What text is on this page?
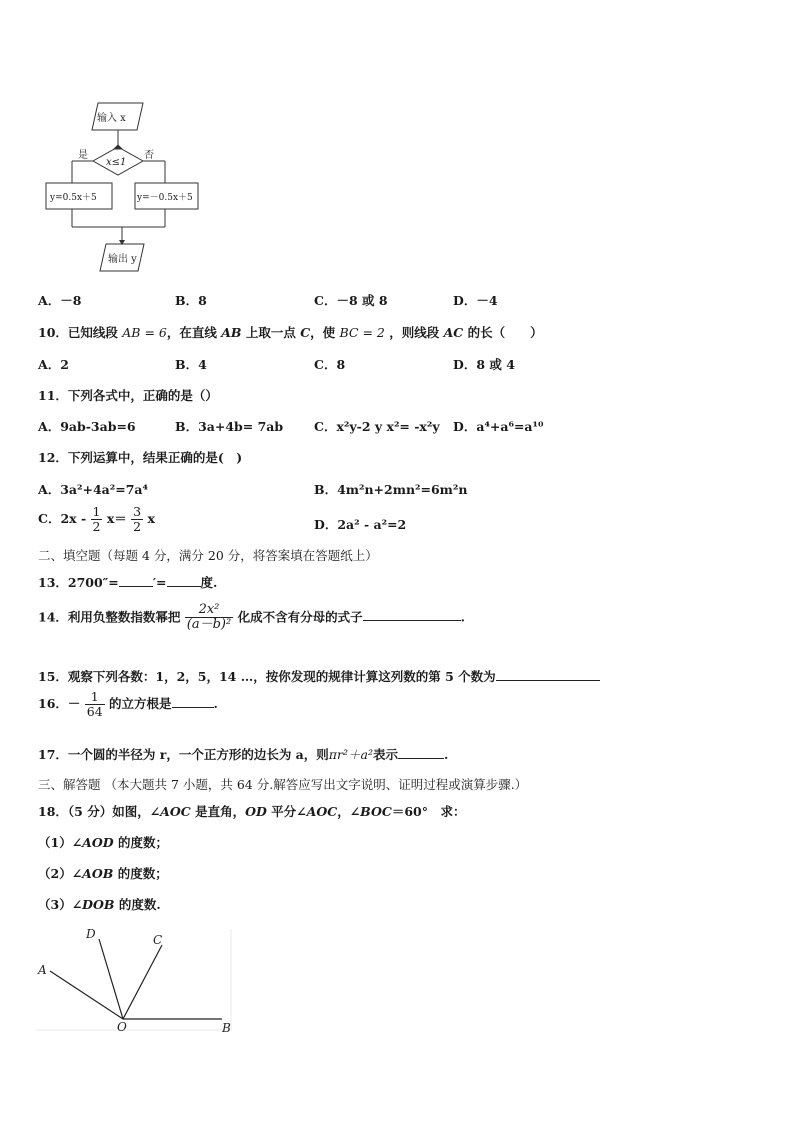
输入 x
是	否
x≤1
y=0.5x＋5	y=－0.5x＋5
输出 y
A．－8	B．8	C．－8 或 8	D．－4
10．已知线段 AB = 6，在直线 AB 上取一点 C，使 BC = 2 ，则线段 AC 的长（　　）
A．2	B．4	C．8	D．8 或 4
11．下列各式中，正确的是（）
A．9ab-3ab=6	B．3a+4b= 7ab C．x²y-2 y x²= -x²y D．a⁴+a⁶=a¹⁰
12．下列运算中，结果正确的是(　)
A．3a²+4a²=7a⁴	B．4m²n+2mn²=6m²n
C．$2x - \frac{1}{2} x= \frac{3}{2}$ x	D．2a² - a²=2
二、填空题（每题 4 分，满分 20 分，将答案填在答题纸上）
13．2700″=	′=	度.
14．利用负整数指数幂把 $\frac{\text{2x²}}{\text{(a－b)²}}$ 化成不含有分母的式子	.
15．观察下列各数：1，2，5，14 …，按你发现的规律计算这列数的第 5 个数为
16．－ $\frac{1}{64}$ 的立方根是	.
17．一个圆的半径为 r，一个正方形的边长为 a，则πr²＋a²表示	.
三、解答题 （本大题共 7 小题，共 64 分.解答应写出文字说明、证明过程或演算步骤.）
18．（5 分）如图，∠AOC 是直角，OD 平分∠AOC，∠BOC＝60°　求：
（1）∠AOD 的度数；
（2）∠AOB 的度数；
（3）∠DOB 的度数.
A
D	C
O	B
